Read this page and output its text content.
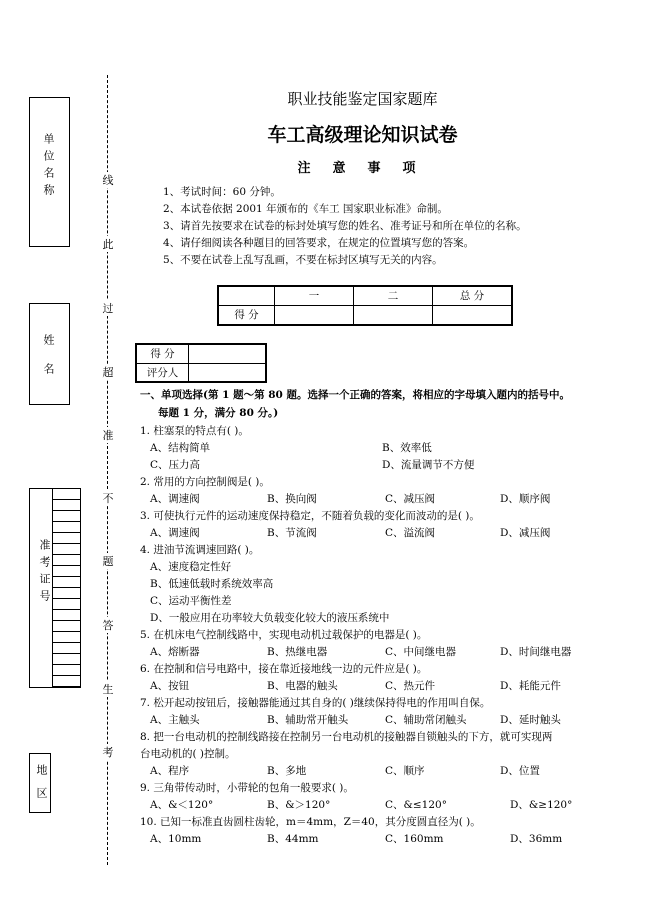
单位名称
姓名
准考证号
地区
线
此
过
超
准
不
题
答
生
考
职业技能鉴定国家题库
车工高级理论知识试卷
注意事项
1、考试时间：60 分钟。
2、本试卷依据 2001 年颁布的《车工 国家职业标准》命制。
3、请首先按要求在试卷的标封处填写您的姓名、准考证号和所在单位的名称。
4、请仔细阅读各种题目的回答要求，在规定的位置填写您的答案。
5、不要在试卷上乱写乱画，不要在标封区填写无关的内容。
	一	二	总 分
得 分			
得 分	
评分人	
一、单项选择(第 1 题～第 80 题。选择一个正确的答案，将相应的字母填入题内的括号中。
每题 1 分，满分 80 分。)
1. 柱塞泵的特点有( )。
A、结构简单	B、效率低
C、压力高	D、流量调节不方便
2. 常用的方向控制阀是( )。
A、调速阀	B、换向阀	C、减压阀	D、顺序阀
3. 可使执行元件的运动速度保持稳定，不随着负载的变化而波动的是( )。
A、调速阀	B、节流阀	C、溢流阀	D、减压阀
4. 进油节流调速回路( )。
A、速度稳定性好
B、低速低载时系统效率高
C、运动平衡性差
D、一般应用在功率较大负载变化较大的液压系统中
5. 在机床电气控制线路中，实现电动机过载保护的电器是( )。
A、熔断器	B、热继电器	C、中间继电器	D、时间继电器
6. 在控制和信号电路中，接在靠近接地线一边的元件应是( )。
A、按钮	B、电器的触头	C、热元件	D、耗能元件
7. 松开起动按钮后，接触器能通过其自身的( )继续保持得电的作用叫自保。
A、主触头	B、辅助常开触头	C、辅助常闭触头	D、延时触头
8. 把一台电动机的控制线路接在控制另一台电动机的接触器自锁触头的下方，就可实现两
台电动机的( )控制。
A、程序	B、多地	C、顺序	D、位置
9. 三角带传动时，小带轮的包角一般要求( )。
A、&＜120°	B、&＞120°	C、&≤120°	D、&≥120°
10. 已知一标准直齿圆柱齿轮，m＝4mm，Z＝40，其分度圆直径为( )。
A、10mm	B、44mm	C、160mm	D、36mm
